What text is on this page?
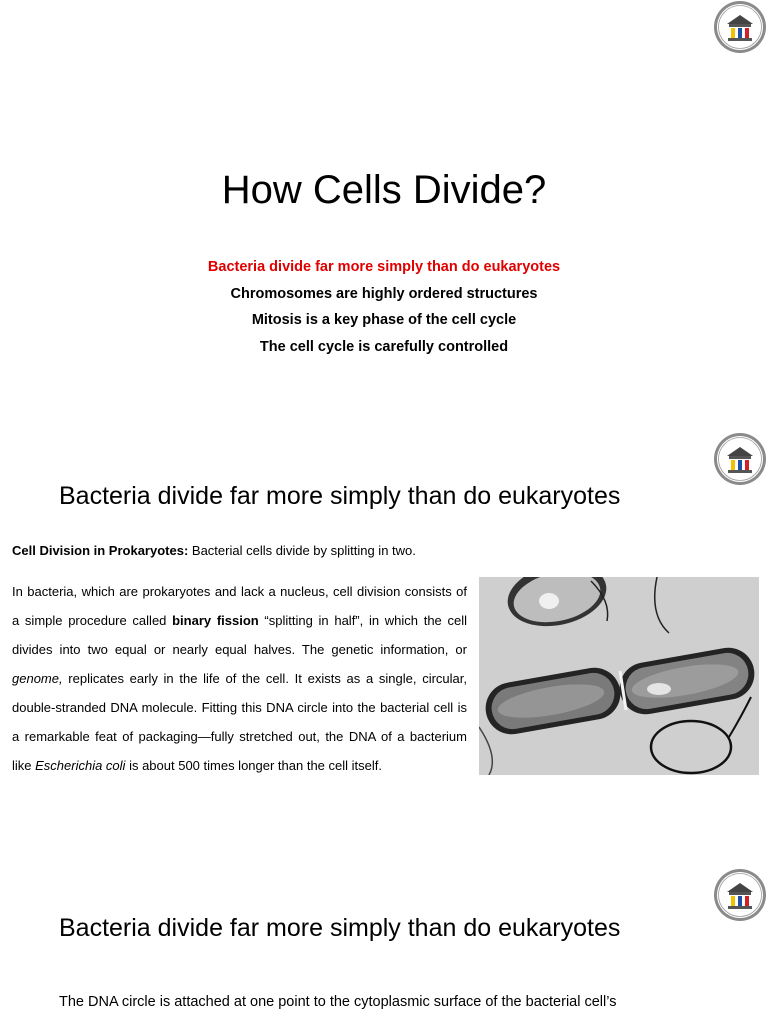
How Cells Divide?
Bacteria divide far more simply than do eukaryotes
Chromosomes are highly ordered structures
Mitosis is a key phase of the cell cycle
The cell cycle is carefully controlled
Bacteria divide far more simply than do eukaryotes

Cell Division in Prokaryotes: Bacterial cells divide by splitting in two.

In bacteria, which are prokaryotes and lack a nucleus, cell division consists of a simple procedure called binary fission “splitting in half”, in which the cell divides into two equal or nearly equal halves. The genetic information, or genome, replicates early in the life of the cell. It exists as a single, circular, double-stranded DNA molecule. Fitting this DNA circle into the bacterial cell is a remarkable feat of packaging—fully stretched out, the DNA of a bacterium like Escherichia coli is about 500 times longer than the cell itself.

Bacteria divide far more simply than do eukaryotes

The DNA circle is attached at one point to the cytoplasmic surface of the bacterial cell’s
